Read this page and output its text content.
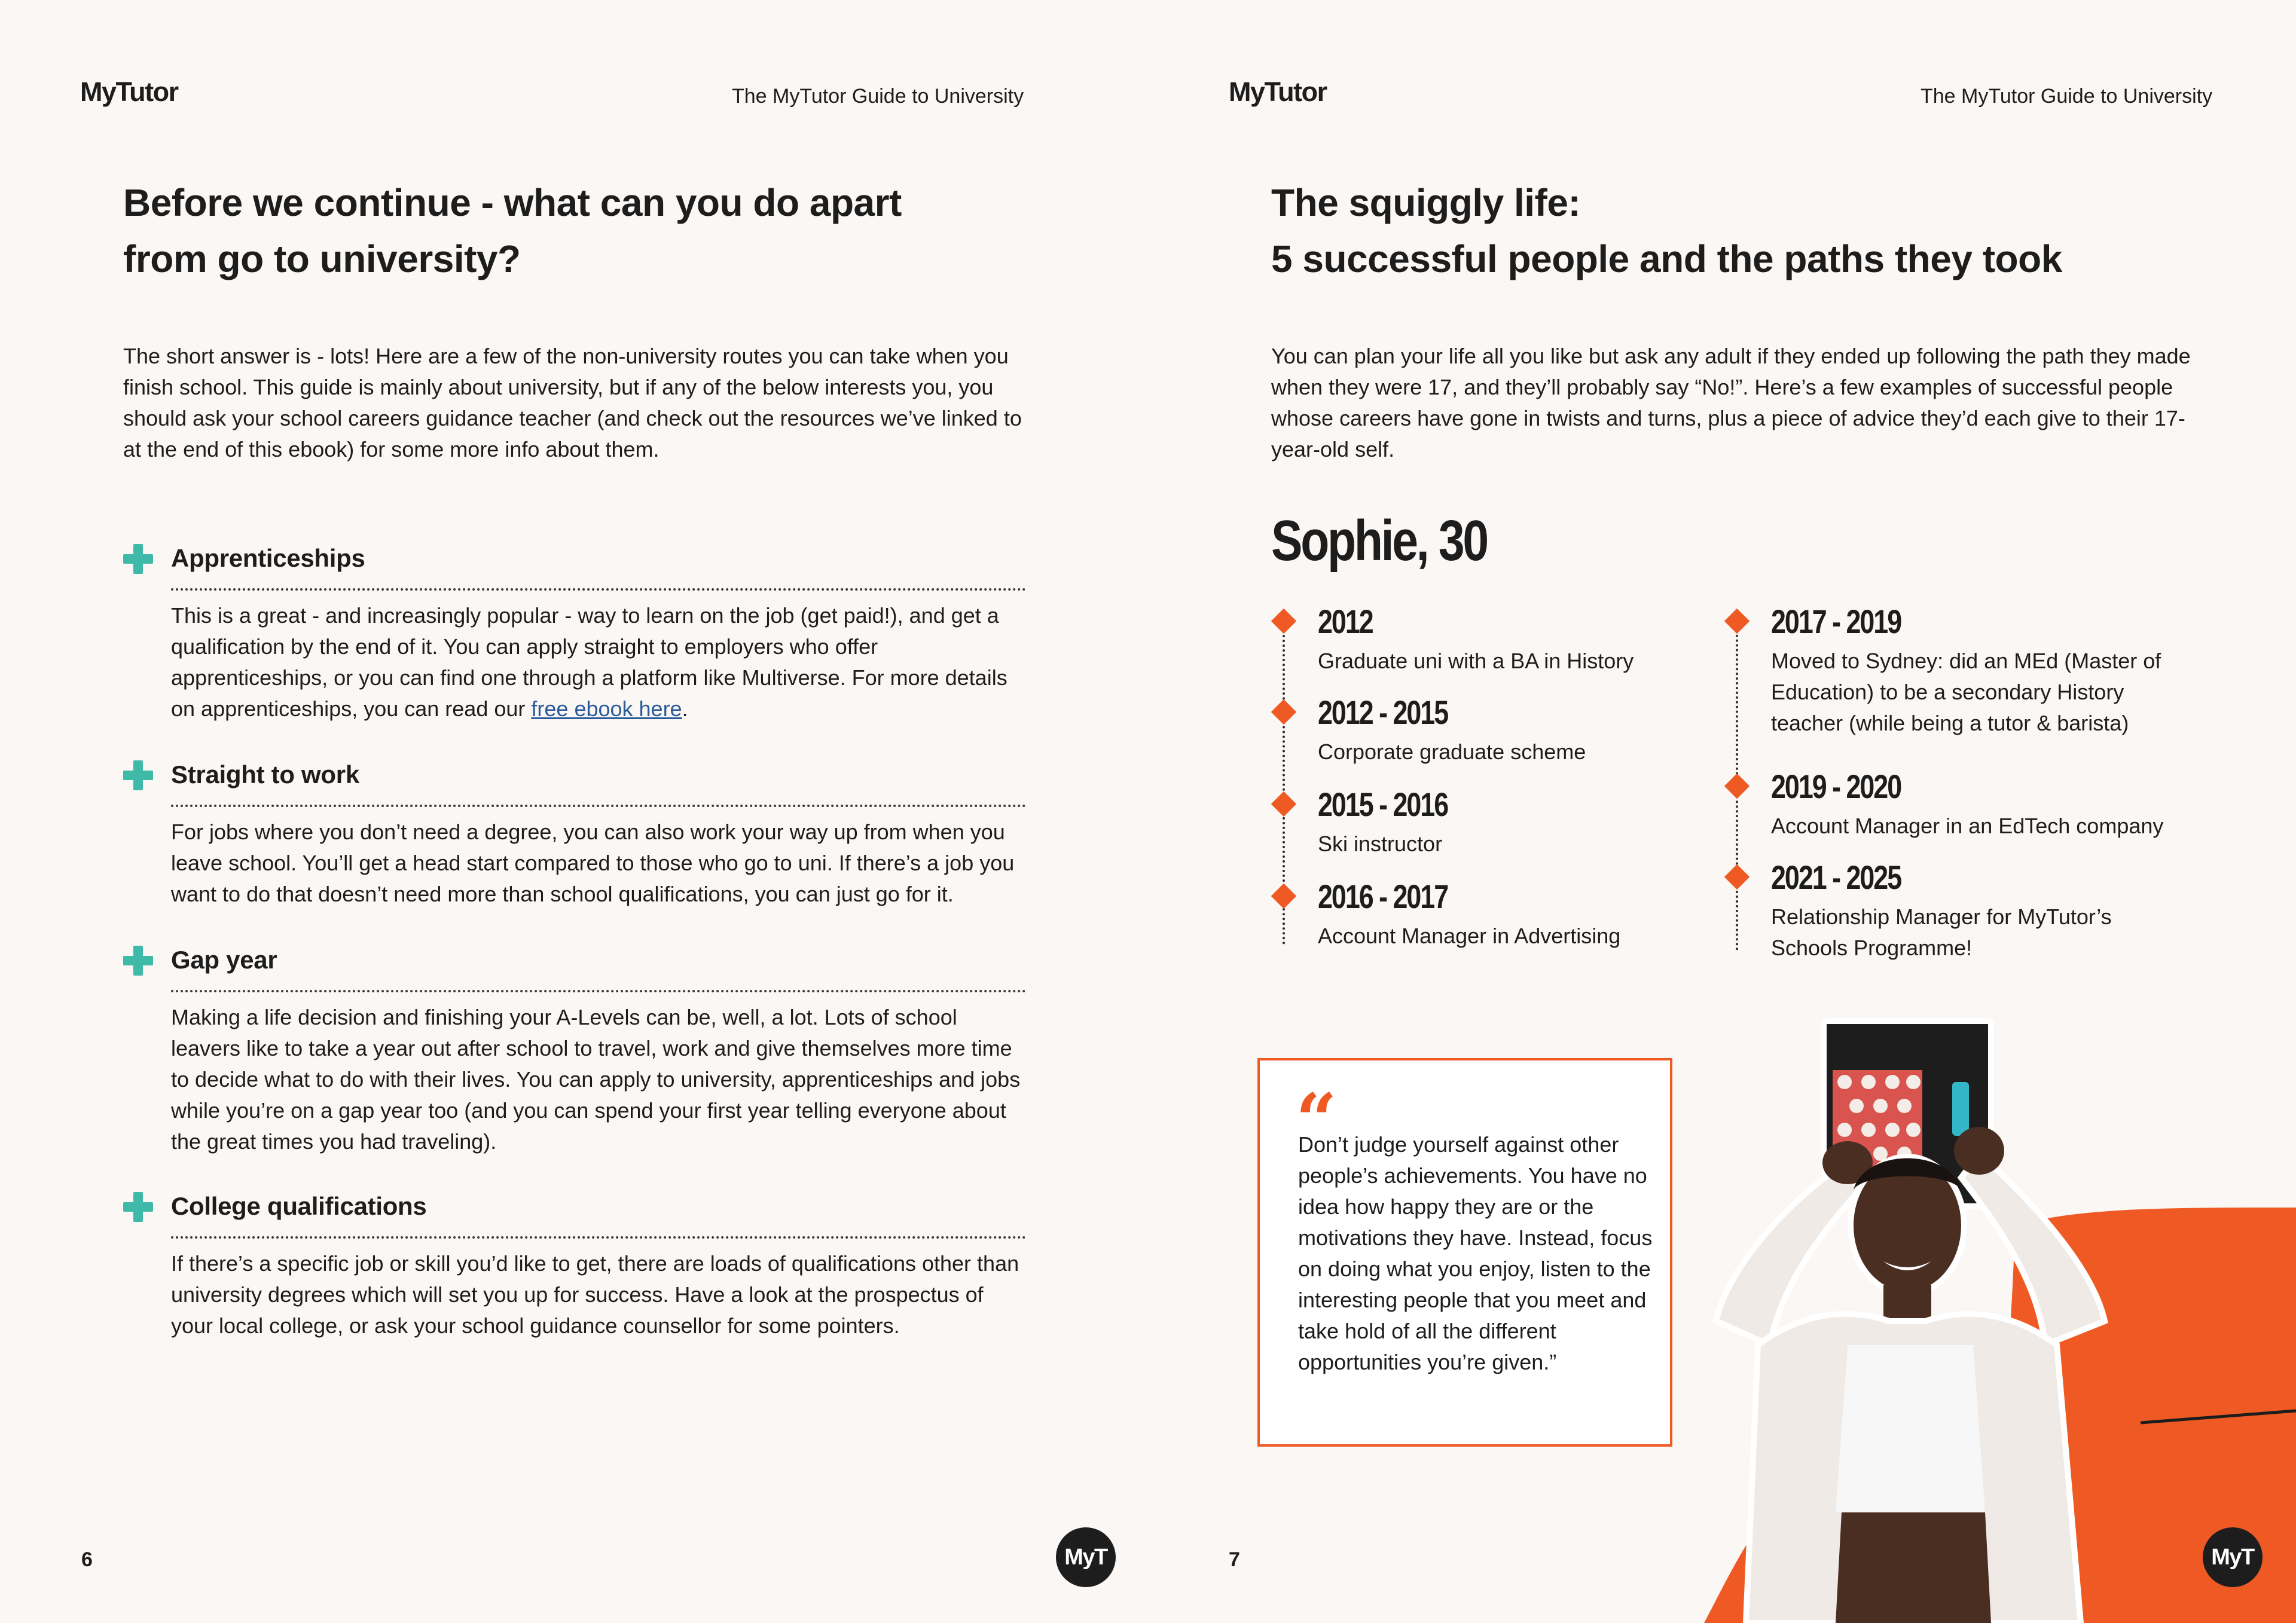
MyTutor	The MyTutor Guide to University
Before we continue - what can you do apart
from go to university?

The short answer is - lots! Here are a few of the non-university routes you can take when you finish school. This guide is mainly about university, but if any of the below interests you, you should ask your school careers guidance teacher (and check out the resources we’ve linked to at the end of this ebook) for some more info about them.

Apprenticeships

This is a great - and increasingly popular - way to learn on the job (get paid!), and get a qualification by the end of it. You can apply straight to employers who offer apprenticeships, or you can find one through a platform like Multiverse. For more details on apprenticeships, you can read our free ebook here.

Straight to work

For jobs where you don’t need a degree, you can also work your way up from when you leave school. You’ll get a head start compared to those who go to uni. If there’s a job you want to do that doesn’t need more than school qualifications, you can just go for it.

Gap year

Making a life decision and finishing your A-Levels can be, well, a lot. Lots of school leavers like to take a year out after school to travel, work and give themselves more time to decide what to do with their lives. You can apply to university, apprenticeships and jobs while you’re on a gap year too (and you can spend your first year telling everyone about the great times you had traveling).

College qualifications

If there’s a specific job or skill you’d like to get, there are loads of qualifications other than university degrees which will set you up for success. Have a look at the prospectus of your local college, or ask your school guidance counsellor for some pointers.

6	MyT
MyTutor	The MyTutor Guide to University
The squiggly life:
5 successful people and the paths they took

You can plan your life all you like but ask any adult if they ended up following the path they made when they were 17, and they’ll probably say “No!”. Here’s a few examples of successful people whose careers have gone in twists and turns, plus a piece of advice they’d each give to their 17-year-old self.

Sophie, 30
2012
Graduate uni with a BA in History
2012 - 2015
Corporate graduate scheme
2015 - 2016
Ski instructor
2016 - 2017
Account Manager in Advertising
2017 - 2019
Moved to Sydney: did an MEd (Master of Education) to be a secondary History teacher (while being a tutor & barista)
2019 - 2020
Account Manager in an EdTech company
2021 - 2025
Relationship Manager for MyTutor’s Schools Programme!
“

Don’t judge yourself against other people’s achievements. You have no idea how happy they are or the motivations they have. Instead, focus on doing what you enjoy, listen to the interesting people that you meet and take hold of all the different opportunities you’re given.”

7	MyT
